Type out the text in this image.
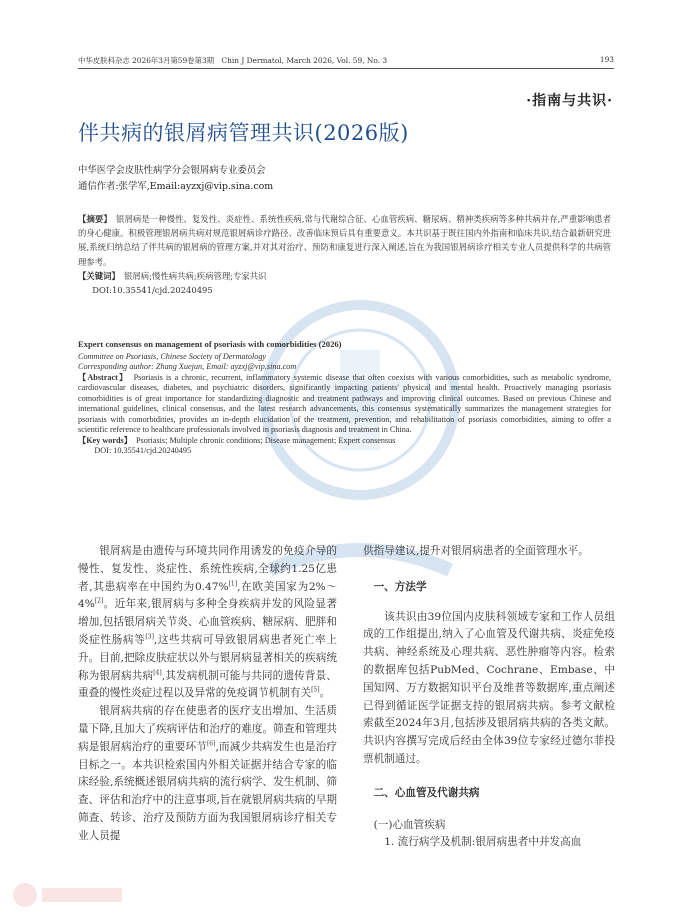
中华皮肤科杂志 2026年3月第59卷第3期　Chin J Dermatol, March 2026, Vol. 59, No. 3	193
·指南与共识·
伴共病的银屑病管理共识(2026版)
中华医学会皮肤性病学分会银屑病专业委员会
通信作者:张学军,Email:ayzxj@vip.sina.com
【摘要】　银屑病是一种慢性、复发性、炎症性、系统性疾病,常与代谢综合征、心血管疾病、糖尿病、精神类疾病等多种共病并存,严重影响患者的身心健康。积极管理银屑病共病对规范银屑病诊疗路径、改善临床预后具有重要意义。本共识基于既往国内外指南和临床共识,结合最新研究进展,系统归纳总结了伴共病的银屑病的管理方案,并对其对治疗、预防和康复进行深入阐述,旨在为我国银屑病诊疗相关专业人员提供科学的共病管理参考。
【关键词】　银屑病;慢性病共病;疾病管理;专家共识
DOI:10.35541/cjd.20240495
Expert consensus on management of psoriasis with comorbidities (2026)
Committee on Psoriasis, Chinese Society of Dermatology
Corresponding author: Zhang Xuejun, Email: ayzxj@vip.sina.com
【Abstract】　Psoriasis is a chronic, recurrent, inflammatory systemic disease that often coexists with various comorbidities, such as metabolic syndrome, cardiovascular diseases, diabetes, and psychiatric disorders, significantly impacting patients' physical and mental health. Proactively managing psoriasis comorbidities is of great importance for standardizing diagnostic and treatment pathways and improving clinical outcomes. Based on previous Chinese and international guidelines, clinical consensus, and the latest research advancements, this consensus systematically summarizes the management strategies for psoriasis with comorbidities, provides an in-depth elucidation of the treatment, prevention, and rehabilitation of psoriasis comorbidities, aiming to offer a scientific reference to healthcare professionals involved in psoriasis diagnosis and treatment in China.
【Key words】　Psoriasis; Multiple chronic conditions; Disease management; Expert consensus
DOI: 10.35541/cjd.20240495

银屑病是由遗传与环境共同作用诱发的免疫介导的慢性、复发性、炎症性、系统性疾病,全球约1.25亿患者,其患病率在中国约为0.47%[1],在欧美国家为2%～4%[2]。近年来,银屑病与多种全身疾病并发的风险显著增加,包括银屑病关节炎、心血管疾病、糖尿病、肥胖和炎症性肠病等[3],这些共病可导致银屑病患者死亡率上升。目前,把除皮肤症状以外与银屑病显著相关的疾病统称为银屑病共病[4],其发病机制可能与共同的遗传背景、重叠的慢性炎症过程以及异常的免疫调节机制有关[5]。

银屑病共病的存在使患者的医疗支出增加、生活质量下降,且加大了疾病评估和治疗的难度。筛查和管理共病是银屑病治疗的重要环节[6],而减少共病发生也是治疗目标之一。本共识检索国内外相关证据并结合专家的临床经验,系统概述银屑病共病的流行病学、发生机制、筛查、评估和治疗中的注意事项,旨在就银屑病共病的早期筛查、转诊、治疗及预防方面为我国银屑病诊疗相关专业人员提

供指导建议,提升对银屑病患者的全面管理水平。
一、方法学

该共识由39位国内皮肤科领域专家和工作人员组成的工作组提出,纳入了心血管及代谢共病、炎症免疫共病、神经系统及心理共病、恶性肿瘤等内容。检索的数据库包括PubMed、Cochrane、Embase、中国知网、万方数据知识平台及维普等数据库,重点阐述已得到循证医学证据支持的银屑病共病。参考文献检索截至2024年3月,包括涉及银屑病共病的各类文献。共识内容撰写完成后经由全体39位专家经过德尔菲投票机制通过。

二、心血管及代谢共病
(一)心血管疾病

1. 流行病学及机制:银屑病患者中并发高血
